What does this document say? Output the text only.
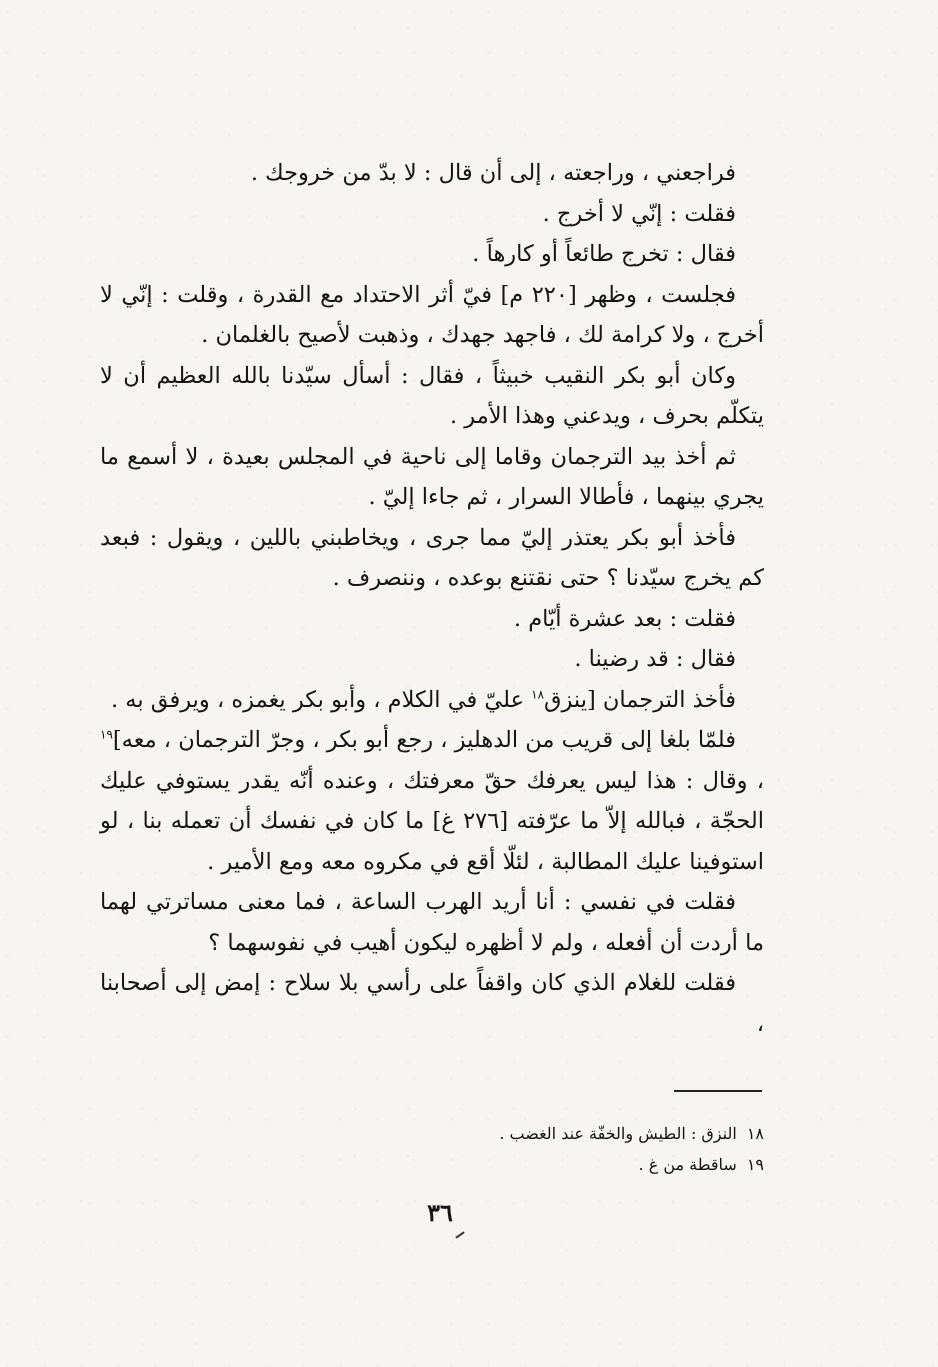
فراجعني ، وراجعته ، إلى أن قال : لا بدّ من خروجك .

فقلت : إنّي لا أخرج .

فقال : تخرج طائعاً أو كارهاً .

فجلست ، وظهر [٢٢٠ م] فيّ أثر الاحتداد مع القدرة ، وقلت : إنّي لا أخرج ، ولا كرامة لك ، فاجهد جهدك ، وذهبت لأصيح بالغلمان .

وكان أبو بكر النقيب خبيثاً ، فقال : أسأل سيّدنا بالله العظيم أن لا يتكلّم بحرف ، ويدعني وهذا الأمر .

ثم أخذ بيد الترجمان وقاما إلى ناحية في المجلس بعيدة ، لا أسمع ما يجري بينهما ، فأطالا السرار ، ثم جاءا إليّ .

فأخذ أبو بكر يعتذر إليّ مما جرى ، ويخاطبني باللين ، ويقول : فبعد كم يخرج سيّدنا ؟ حتى نقتنع بوعده ، وننصرف .

فقلت : بعد عشرة أيّام .

فقال : قد رضينا .

فأخذ الترجمان [ينزق$^{١٨}$ عليّ في الكلام ، وأبو بكر يغمزه ، ويرفق به .

فلمّا بلغا إلى قريب من الدهليز ، رجع أبو بكر ، وجرّ الترجمان ، معه]$^{١٩}$ ، وقال : هذا ليس يعرفك حقّ معرفتك ، وعنده أنّه يقدر يستوفي عليك الحجّة ، فبالله إلاّ ما عرّفته [٢٧٦ غ] ما كان في نفسك أن تعمله بنا ، لو استوفينا عليك المطالبة ، لئلّا أقع في مكروه معه ومع الأمير .

فقلت في نفسي : أنا أريد الهرب الساعة ، فما معنى مساترتي لهما ما أردت أن أفعله ، ولم لا أظهره ليكون أهيب في نفوسهما ؟

فقلت للغلام الذي كان واقفاً على رأسي بلا سلاح : إمض إلى أصحابنا ،

١٨النزق : الطيش والخفّة عند الغضب .

١٩ساقطة من غ .

٣٦
